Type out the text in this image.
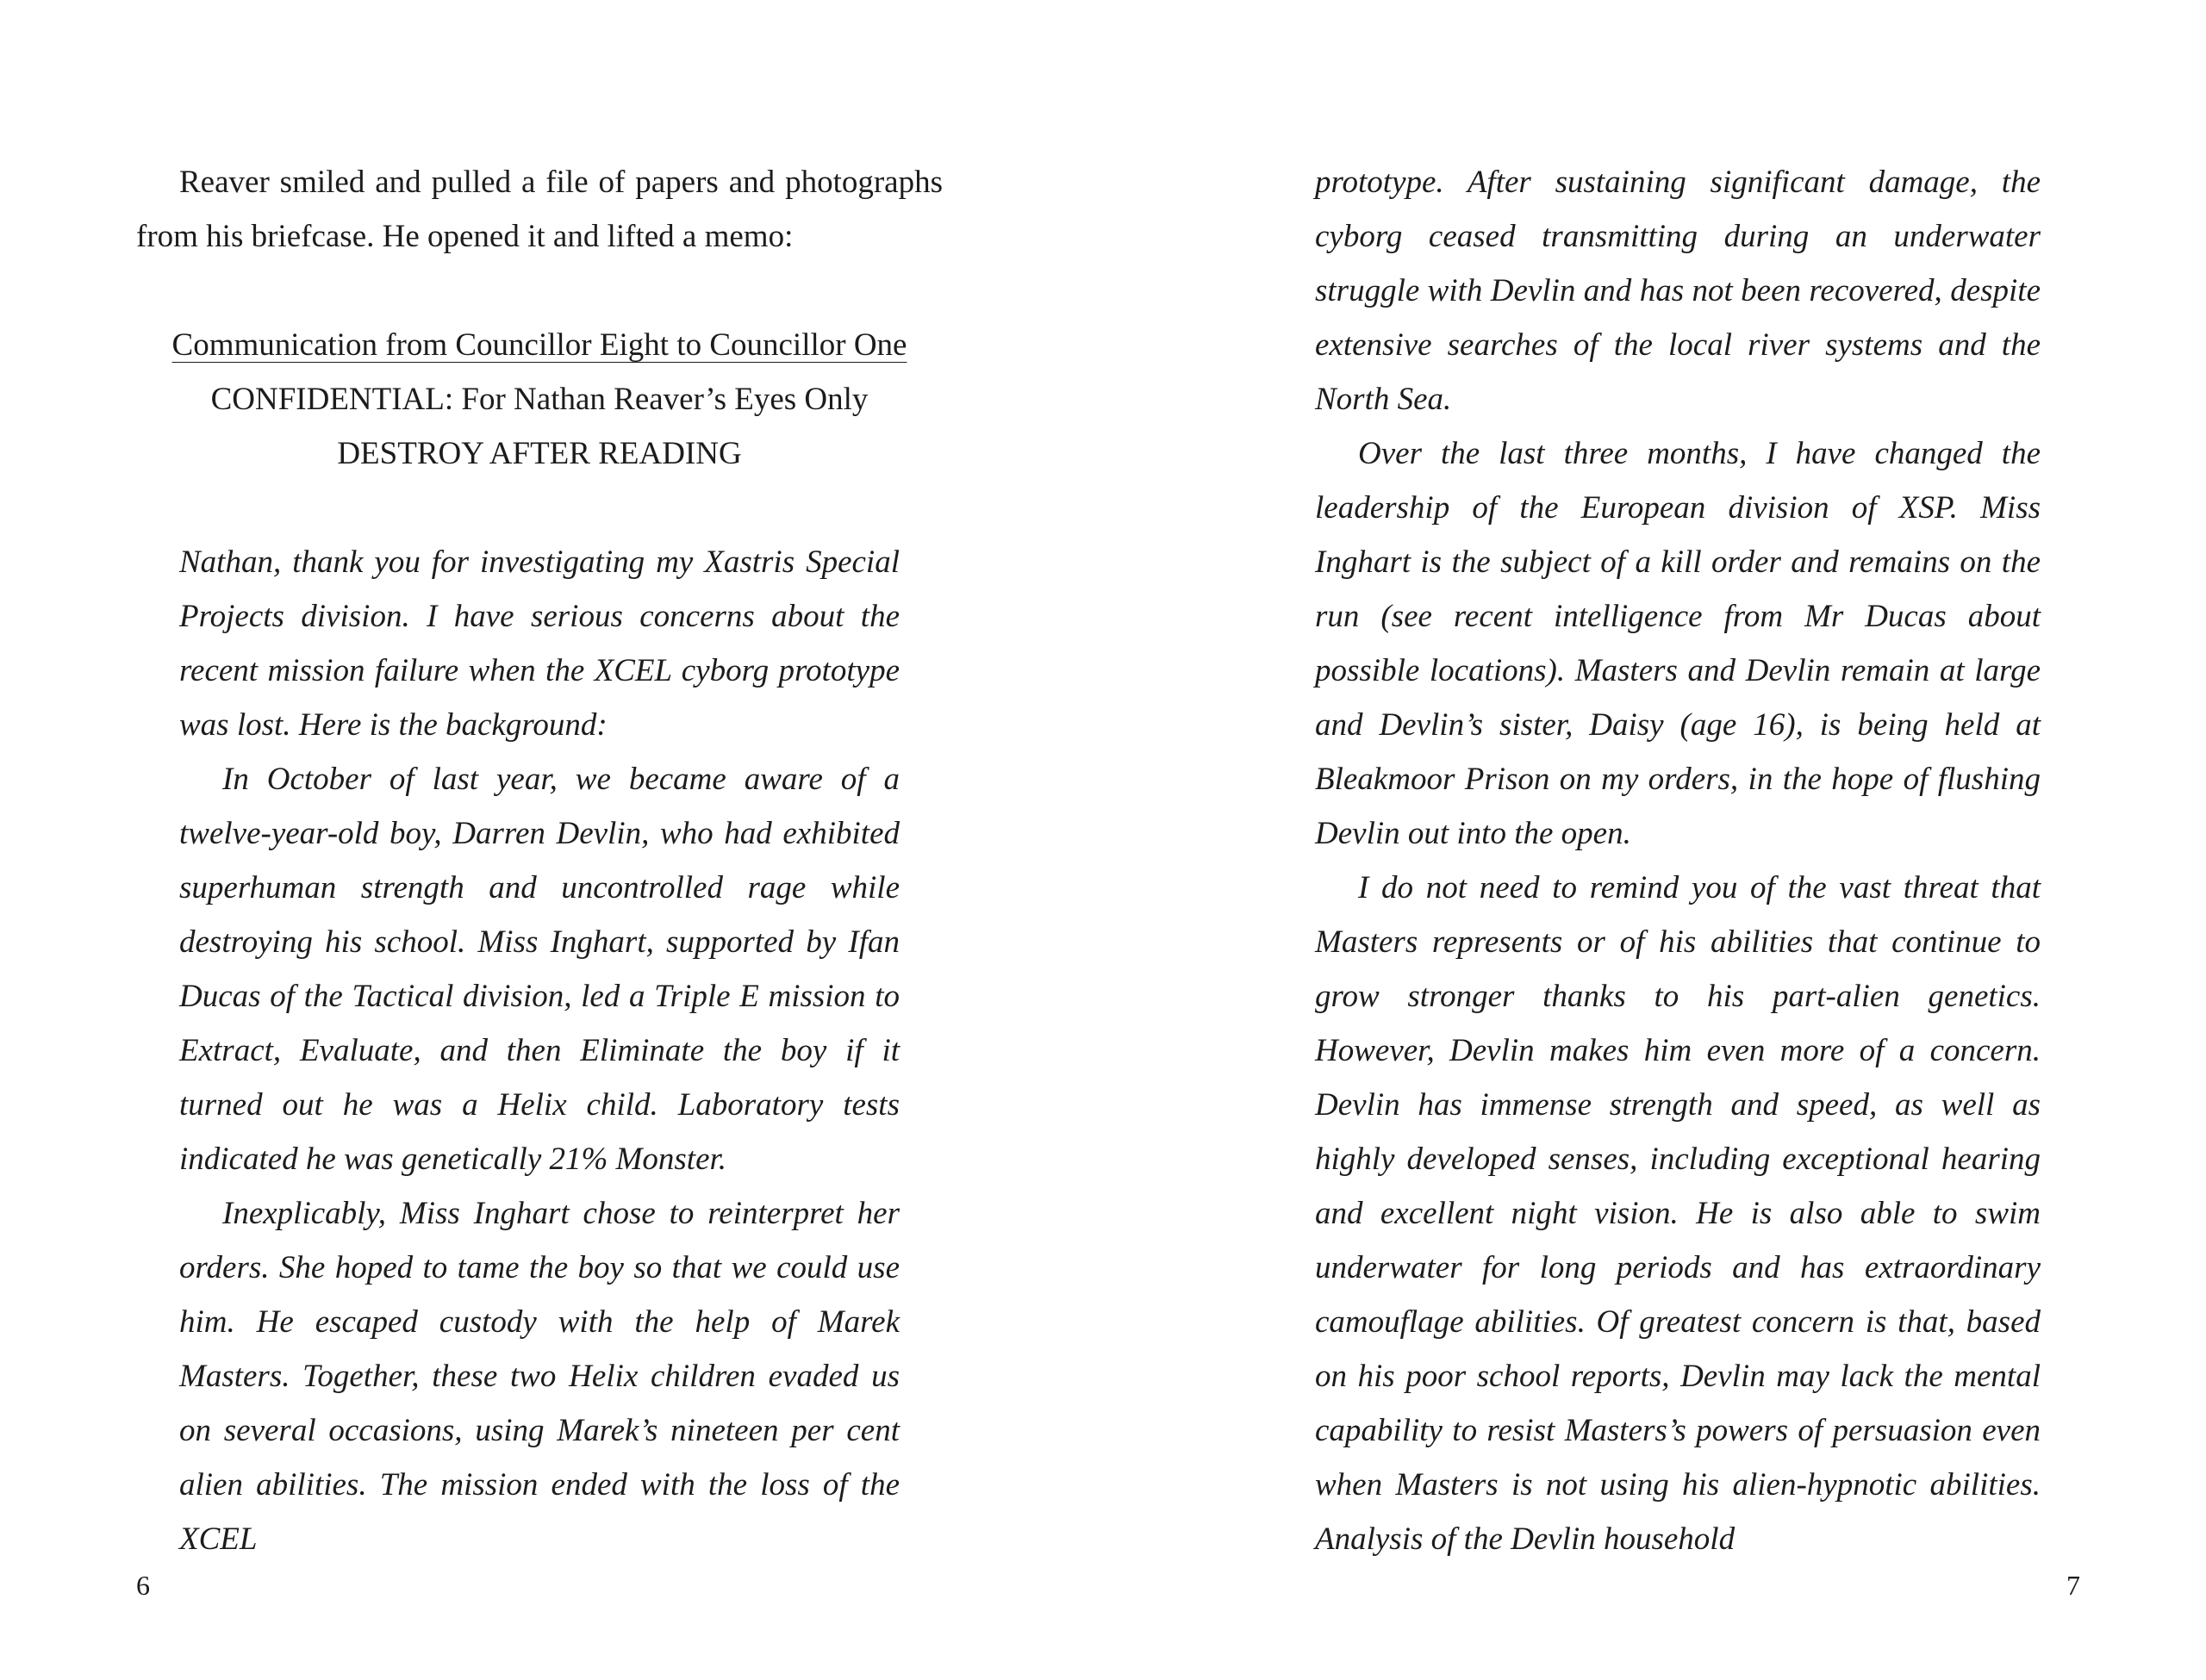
Reaver smiled and pulled a file of papers and photographs from his briefcase. He opened it and lifted a memo:

Communication from Councillor Eight to Councillor One
CONFIDENTIAL: For Nathan Reaver’s Eyes Only
DESTROY AFTER READING

Nathan, thank you for investigating my Xastris Special Projects division. I have serious concerns about the recent mission failure when the XCEL cyborg prototype was lost. Here is the background:

In October of last year, we became aware of a twelve-year-old boy, Darren Devlin, who had exhibited superhuman strength and uncontrolled rage while destroying his school. Miss Inghart, supported by Ifan Ducas of the Tactical division, led a Triple E mission to Extract, Evaluate, and then Eliminate the boy if it turned out he was a Helix child. Laboratory tests indicated he was genetically 21% Monster.

Inexplicably, Miss Inghart chose to reinterpret her orders. She hoped to tame the boy so that we could use him. He escaped custody with the help of Marek Masters. Together, these two Helix children evaded us on several occasions, using Marek’s nineteen per cent alien abilities. The mission ended with the loss of the XCEL

prototype. After sustaining significant damage, the cyborg ceased transmitting during an underwater struggle with Devlin and has not been recovered, despite extensive searches of the local river systems and the North Sea.

Over the last three months, I have changed the leadership of the European division of XSP. Miss Inghart is the subject of a kill order and remains on the run (see recent intelligence from Mr Ducas about possible locations). Masters and Devlin remain at large and Devlin’s sister, Daisy (age 16), is being held at Bleakmoor Prison on my orders, in the hope of flushing Devlin out into the open.

I do not need to remind you of the vast threat that Masters represents or of his abilities that continue to grow stronger thanks to his part-alien genetics. However, Devlin makes him even more of a concern. Devlin has immense strength and speed, as well as highly developed senses, including exceptional hearing and excellent night vision. He is also able to swim underwater for long periods and has extraordinary camouflage abilities. Of greatest concern is that, based on his poor school reports, Devlin may lack the mental capability to resist Masters’s powers of persuasion even when Masters is not using his alien-hypnotic abilities. Analysis of the Devlin household

6	7
